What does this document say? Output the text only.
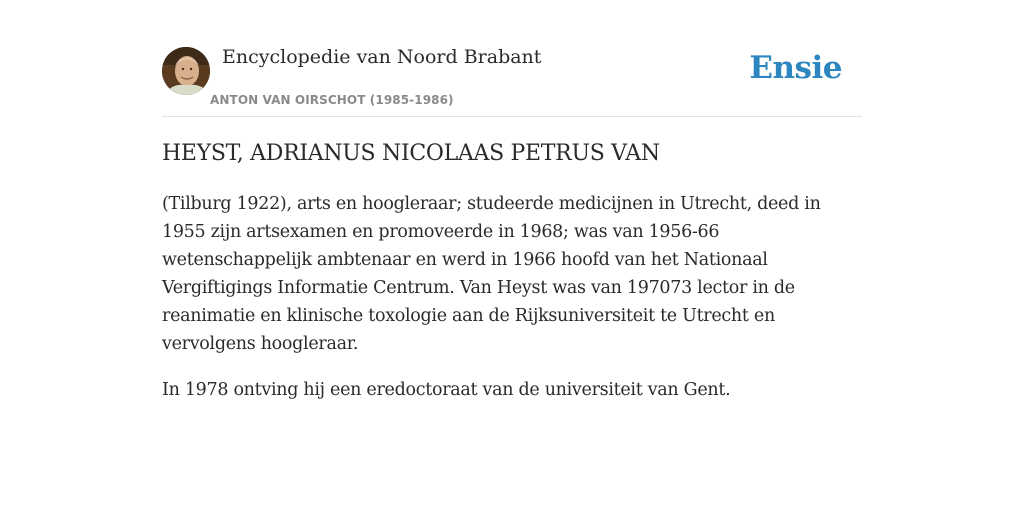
Encyclopedie van Noord Brabant
ANTON VAN OIRSCHOT (1985-1986)
Ensie
HEYST, ADRIANUS NICOLAAS PETRUS VAN

(Tilburg 1922), arts en hoogleraar; studeerde medicijnen in Utrecht, deed in 1955 zijn artsexamen en promoveerde in 1968; was van 1956-66 wetenschappelijk ambtenaar en werd in 1966 hoofd van het Nationaal Vergiftigings Informatie Centrum. Van Heyst was van 197073 lector in de reanimatie en klinische toxologie aan de Rijksuniversiteit te Utrecht en vervolgens hoogleraar.

In 1978 ontving hij een eredoctoraat van de universiteit van Gent.
